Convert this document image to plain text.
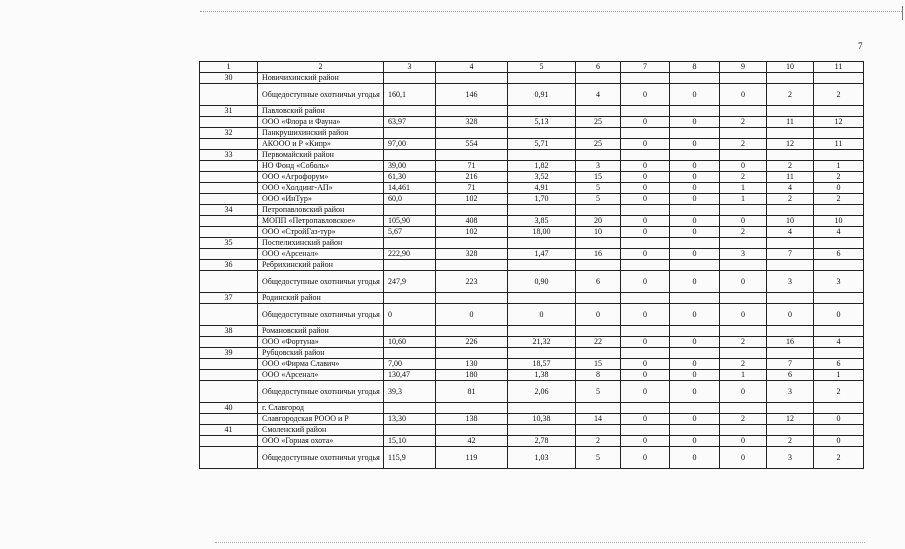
7
1	2	3	4	5	6	7	8	9	10	11
30	Новичихинский район									
	Общедоступные охотничьи угодья	160,1	146	0,91	4	0	0	0	2	2
31	Павловский район									
	ООО «Флора и Фауна»	63,97	328	5,13	25	0	0	2	11	12
32	Панкрушихинский район									
	АКООО и Р «Кипр»	97,00	554	5,71	25	0	0	2	12	11
33	Первомайский район									
	НО Фонд «Соболь»	39,00	71	1,82	3	0	0	0	2	1
	ООО «Агрофорум»	61,30	216	3,52	15	0	0	2	11	2
	ООО «Холдинг-АП»	14,461	71	4,91	5	0	0	1	4	0
	ООО «ИнТур»	60,0	102	1,70	5	0	0	1	2	2
34	Петропавловский район									
	МОПП «Петропавловское»	105,90	408	3,85	20	0	0	0	10	10
	ООО «СтройГаз-тур»	5,67	102	18,00	10	0	0	2	4	4
35	Поспелихинский район									
	ООО «Арсенал»	222,90	328	1,47	16	0	0	3	7	6
36	Ребрихинский район									
	Общедоступные охотничьи угодья	247,9	223	0,90	6	0	0	0	3	3
37	Родинский район									
	Общедоступные охотничьи угодья	0	0	0	0	0	0	0	0	0
38	Романовский район									
	ООО «Фортуна»	10,60	226	21,32	22	0	0	2	16	4
39	Рубцовский район									
	ООО «Фирма Славич»	7,00	130	18,57	15	0	0	2	7	6
	ООО «Арсенал»	130,47	180	1,38	8	0	0	1	6	1
	Общедоступные охотничьи угодья	39,3	81	2,06	5	0	0	0	3	2
40	г. Славгород									
	Славгородская РООО и Р	13,30	138	10,38	14	0	0	2	12	0
41	Смоленский район									
	ООО «Горная охота»	15,10	42	2,78	2	0	0	0	2	0
	Общедоступные охотничьи угодья	115,9	119	1,03	5	0	0	0	3	2
